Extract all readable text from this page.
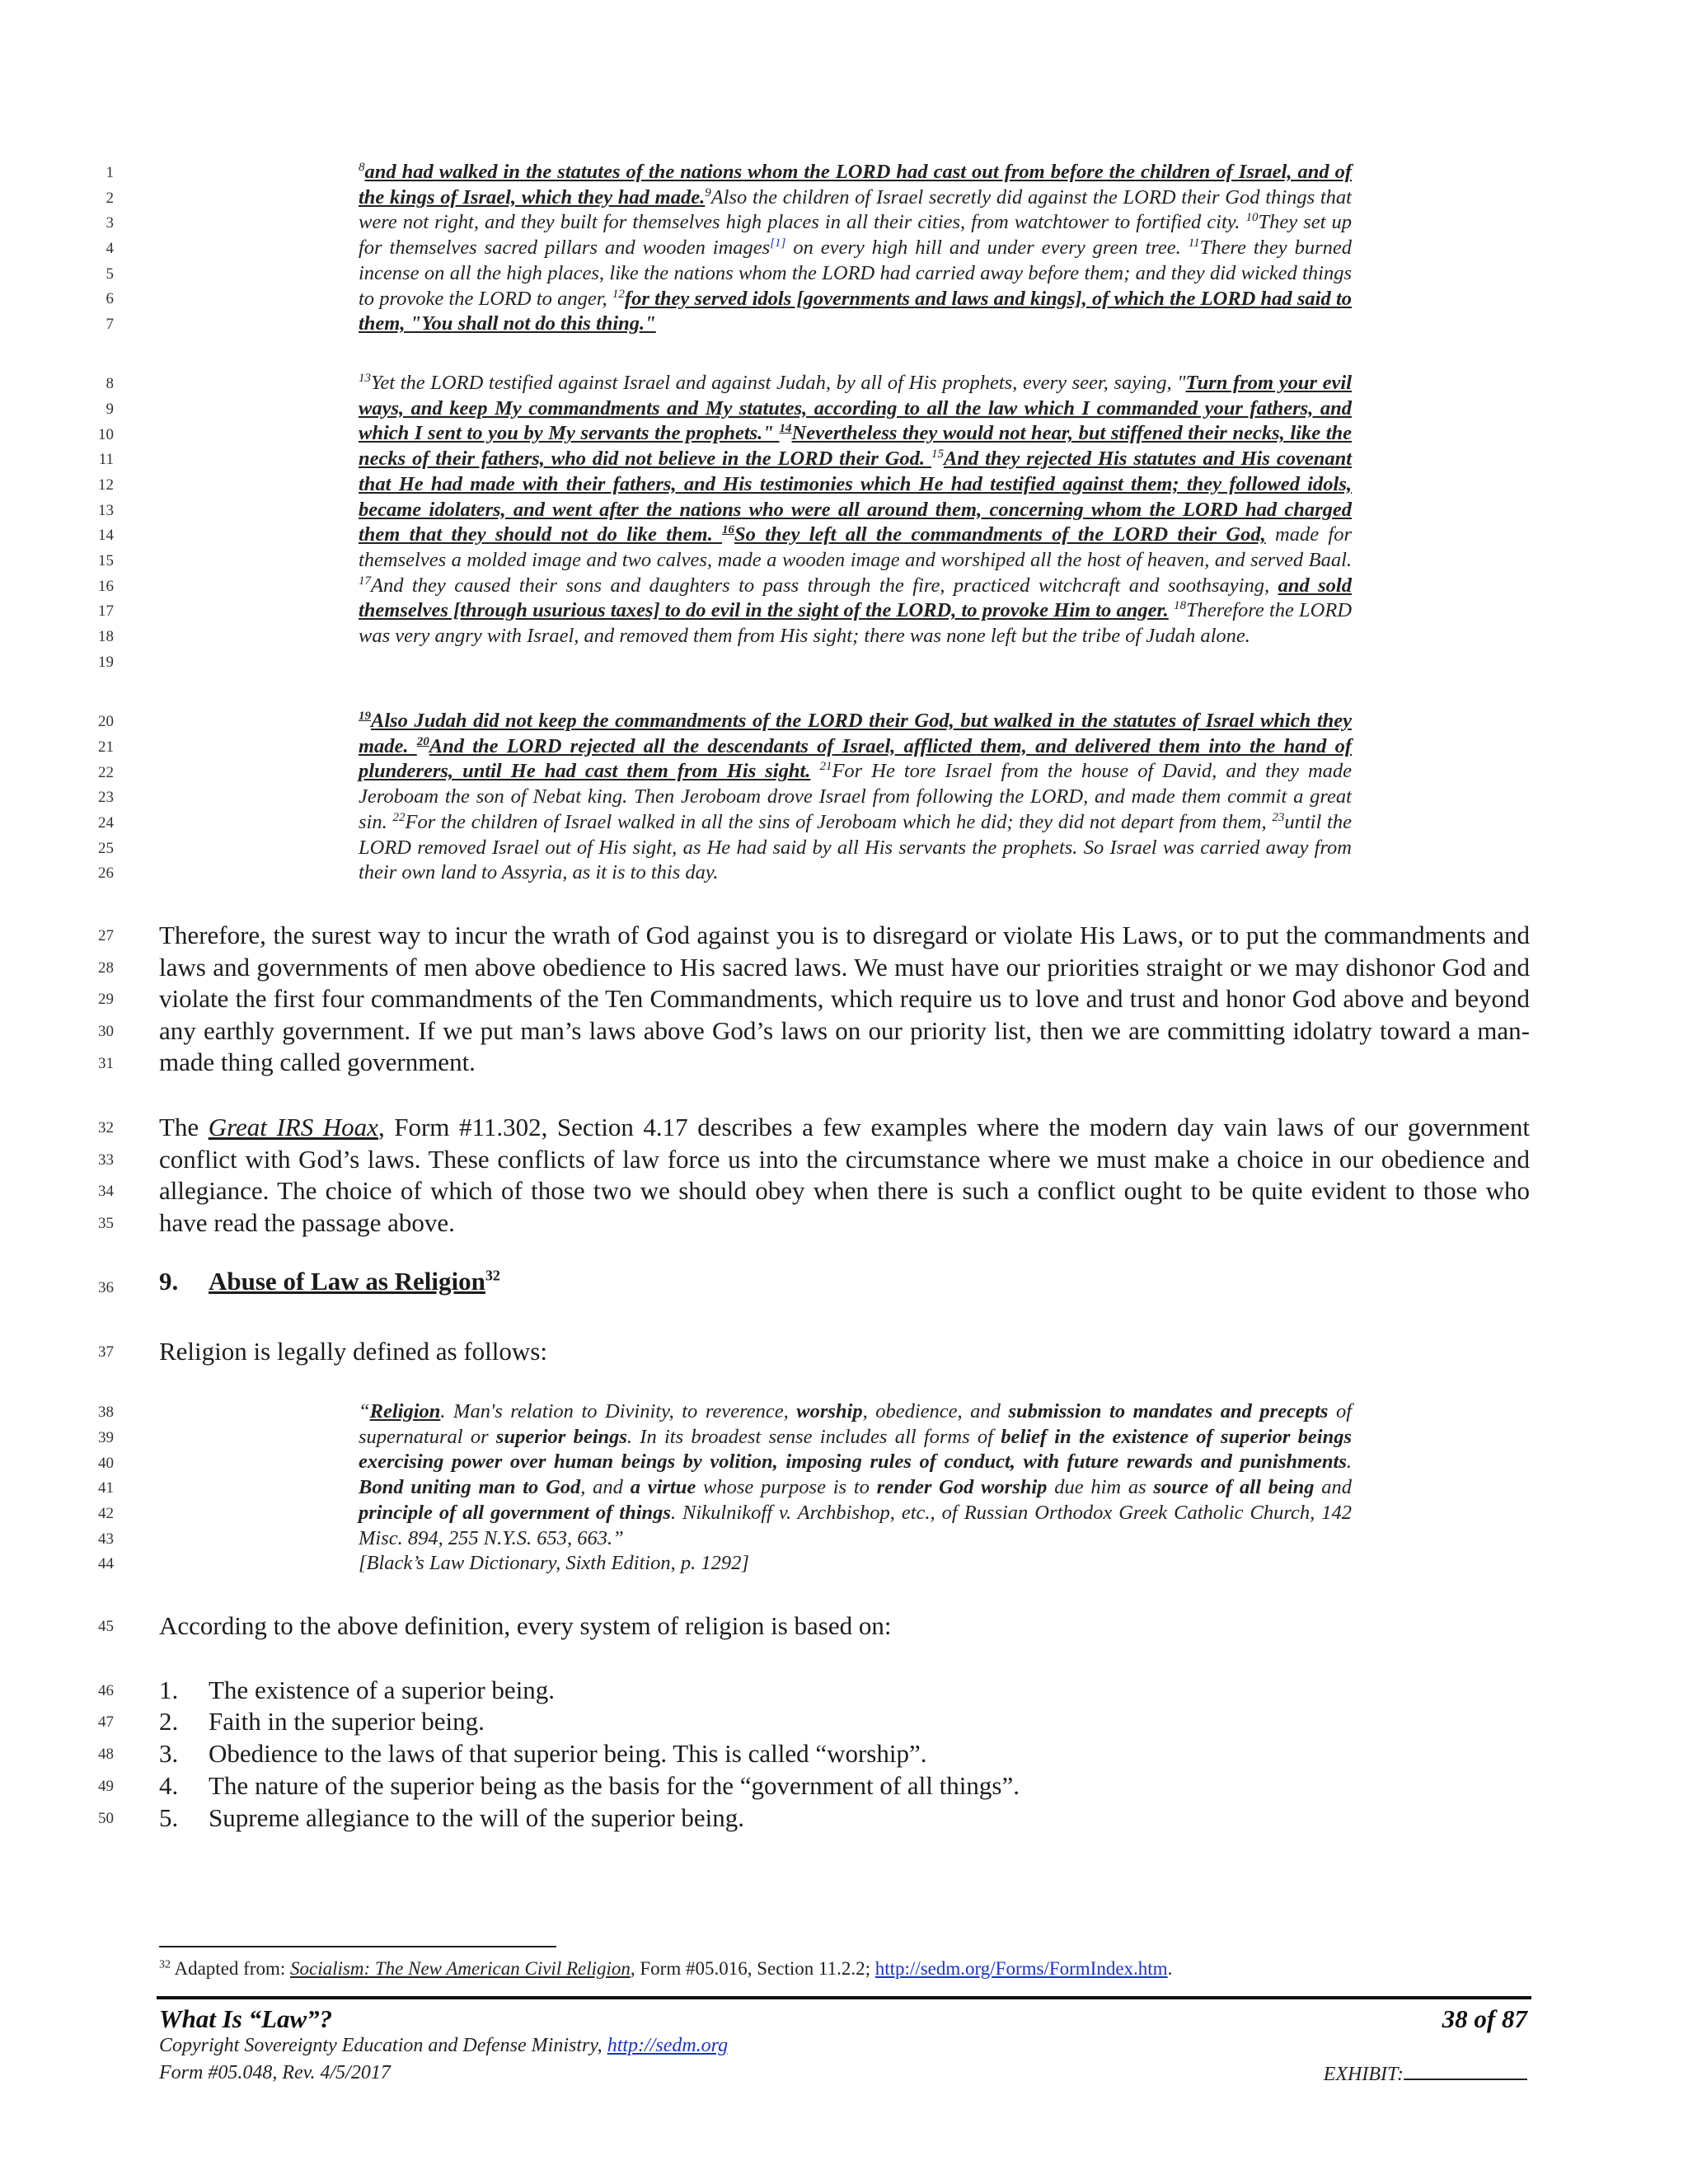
1
2
3
4
5
6
7
8
9
10
11
12
13
14
15
16
17
18
19
20
21
22
23
24
25
26
27
28
29
30
31
32
33
34
35
36
37
38
39
40
41
42
43
44
45
46
47
48
49
50
$^8$and had walked in the statutes of the nations whom the LORD had cast out from before the children of Israel, and of the kings of Israel, which they had made.$^9$Also the children of Israel secretly did against the LORD their God things that were not right, and they built for themselves high places in all their cities, from watchtower to fortified city. $^{10}$They set up for themselves sacred pillars and wooden images[1] on every high hill and under every green tree. $^{11}$There they burned incense on all the high places, like the nations whom the LORD had carried away before them; and they did wicked things to provoke the LORD to anger, $^{12}$for they served idols [governments and laws and kings], of which the LORD had said to them, "You shall not do this thing."
$^{13}$Yet the LORD testified against Israel and against Judah, by all of His prophets, every seer, saying, "Turn from your evil ways, and keep My commandments and My statutes, according to all the law which I commanded your fathers, and which I sent to you by My servants the prophets." $^{14}$Nevertheless they would not hear, but stiffened their necks, like the necks of their fathers, who did not believe in the LORD their God. $^{15}$And they rejected His statutes and His covenant that He had made with their fathers, and His testimonies which He had testified against them; they followed idols, became idolaters, and went after the nations who were all around them, concerning whom the LORD had charged them that they should not do like them. $^{16}$So they left all the commandments of the LORD their God, made for themselves a molded image and two calves, made a wooden image and worshiped all the host of heaven, and served Baal. $^{17}$And they caused their sons and daughters to pass through the fire, practiced witchcraft and soothsaying, and sold themselves [through usurious taxes] to do evil in the sight of the LORD, to provoke Him to anger. $^{18}$Therefore the LORD was very angry with Israel, and removed them from His sight; there was none left but the tribe of Judah alone.
$^{19}$Also Judah did not keep the commandments of the LORD their God, but walked in the statutes of Israel which they made. $^{20}$And the LORD rejected all the descendants of Israel, afflicted them, and delivered them into the hand of plunderers, until He had cast them from His sight. $^{21}$For He tore Israel from the house of David, and they made Jeroboam the son of Nebat king. Then Jeroboam drove Israel from following the LORD, and made them commit a great sin. $^{22}$For the children of Israel walked in all the sins of Jeroboam which he did; they did not depart from them, $^{23}$until the LORD removed Israel out of His sight, as He had said by all His servants the prophets. So Israel was carried away from their own land to Assyria, as it is to this day.
Therefore, the surest way to incur the wrath of God against you is to disregard or violate His Laws, or to put the commandments and laws and governments of men above obedience to His sacred laws. We must have our priorities straight or we may dishonor God and violate the first four commandments of the Ten Commandments, which require us to love and trust and honor God above and beyond any earthly government. If we put man’s laws above God’s laws on our priority list, then we are committing idolatry toward a man-made thing called government.
The Great IRS Hoax, Form #11.302, Section 4.17 describes a few examples where the modern day vain laws of our government conflict with God’s laws. These conflicts of law force us into the circumstance where we must make a choice in our obedience and allegiance. The choice of which of those two we should obey when there is such a conflict ought to be quite evident to those who have read the passage above.
9. Abuse of Law as Religion$^{32}$
Religion is legally defined as follows:
“Religion. Man's relation to Divinity, to reverence, worship, obedience, and submission to mandates and precepts of supernatural or superior beings. In its broadest sense includes all forms of belief in the existence of superior beings exercising power over human beings by volition, imposing rules of conduct, with future rewards and punishments. Bond uniting man to God, and a virtue whose purpose is to render God worship due him as source of all being and principle of all government of things. Nikulnikoff v. Archbishop, etc., of Russian Orthodox Greek Catholic Church, 142 Misc. 894, 255 N.Y.S. 653, 663.”
[Black’s Law Dictionary, Sixth Edition, p. 1292]
According to the above definition, every system of religion is based on:
1. The existence of a superior being.
2. Faith in the superior being.
3. Obedience to the laws of that superior being. This is called “worship”.
4. The nature of the superior being as the basis for the “government of all things”.
5. Supreme allegiance to the will of the superior being.
$^{32}$ Adapted from: Socialism: The New American Civil Religion, Form #05.016, Section 11.2.2; http://sedm.org/Forms/FormIndex.htm.
What Is “Law”?	38 of 87
Copyright Sovereignty Education and Defense Ministry, http://sedm.org
Form #05.048, Rev. 4/5/2017	EXHIBIT:
